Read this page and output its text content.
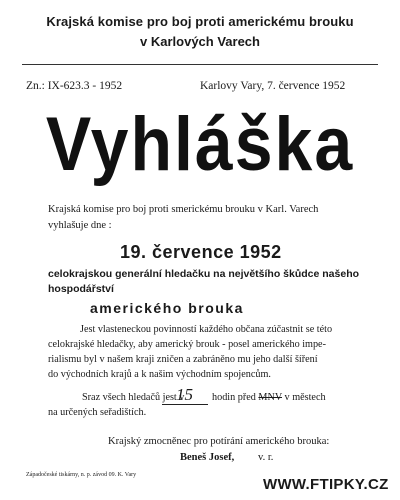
Krajská komise pro boj proti americkému brouku
v Karlových Varech
Zn.: IX-623.3 - 1952	Karlovy Vary, 7. července 1952
Vyhláška
Krajská komise pro boj proti smerickému brouku v Karl. Varech
vyhlašuje dne :
19. července 1952
celokrajskou generální hledačku na největšího škůdce našeho
hospodářství
amerického brouka
Jest vlasteneckou povinností každého občana zúčastnit se této
celokrajské hledačky, aby americký brouk - posel amerického impe-
rialismu byl v našem kraji zničen a zabráněno mu jeho další šíření
do východních krajů a k našim východním spojencům.
Sraz všech hledačů jest v
15 hodin před MNV v městech
na určených seřadištích.
Krajský zmocněnec pro potírání amerického brouka:
Beneš Josef, v. r.
Západočeské tiskárny, n. p. závod 09. K. Vary
WWW.FTIPKY.CZ
